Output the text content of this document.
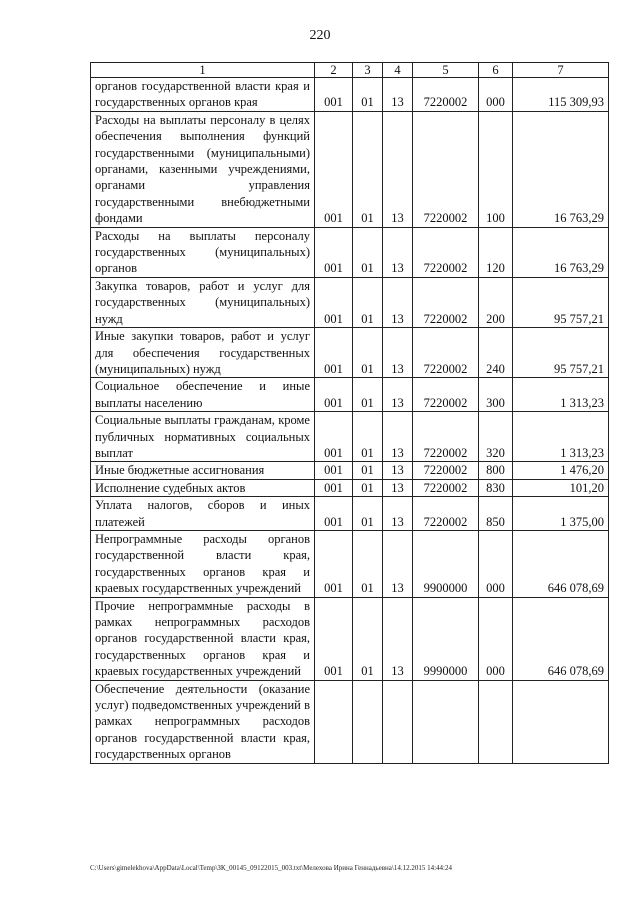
220
1	2	3	4	5	6	7
органов государственной власти края и государственных органов края	001	01	13	7220002	000	115 309,93
Расходы на выплаты персоналу в целях обеспечения выполнения функций государственными (муниципальными) органами, казенными учреждениями, органами управления государственными внебюджетными фондами	001	01	13	7220002	100	16 763,29
Расходы на выплаты персоналу государственных (муниципальных) органов	001	01	13	7220002	120	16 763,29
Закупка товаров, работ и услуг для государственных (муниципальных) нужд	001	01	13	7220002	200	95 757,21
Иные закупки товаров, работ и услуг для обеспечения государственных (муниципальных) нужд	001	01	13	7220002	240	95 757,21
Социальное обеспечение и иные выплаты населению	001	01	13	7220002	300	1 313,23
Социальные выплаты гражданам, кроме публичных нормативных социальных выплат	001	01	13	7220002	320	1 313,23
Иные бюджетные ассигнования	001	01	13	7220002	800	1 476,20
Исполнение судебных актов	001	01	13	7220002	830	101,20
Уплата налогов, сборов и иных платежей	001	01	13	7220002	850	1 375,00
Непрограммные расходы органов государственной власти края, государственных органов края и краевых государственных учреждений	001	01	13	9900000	000	646 078,69
Прочие непрограммные расходы в рамках непрограммных расходов органов государственной власти края, государственных органов края и краевых государственных учреждений	001	01	13	9990000	000	646 078,69
Обеспечение деятельности (оказание услуг) подведомственных учреждений в рамках непрограммных расходов органов государственной власти края, государственных органов						
C:\Users\gimelekhova\AppData\Local\Temp\ЗК_00145_09122015_003.txt\Мелехова Ирина Геннадьевна\14.12.2015 14:44:24
